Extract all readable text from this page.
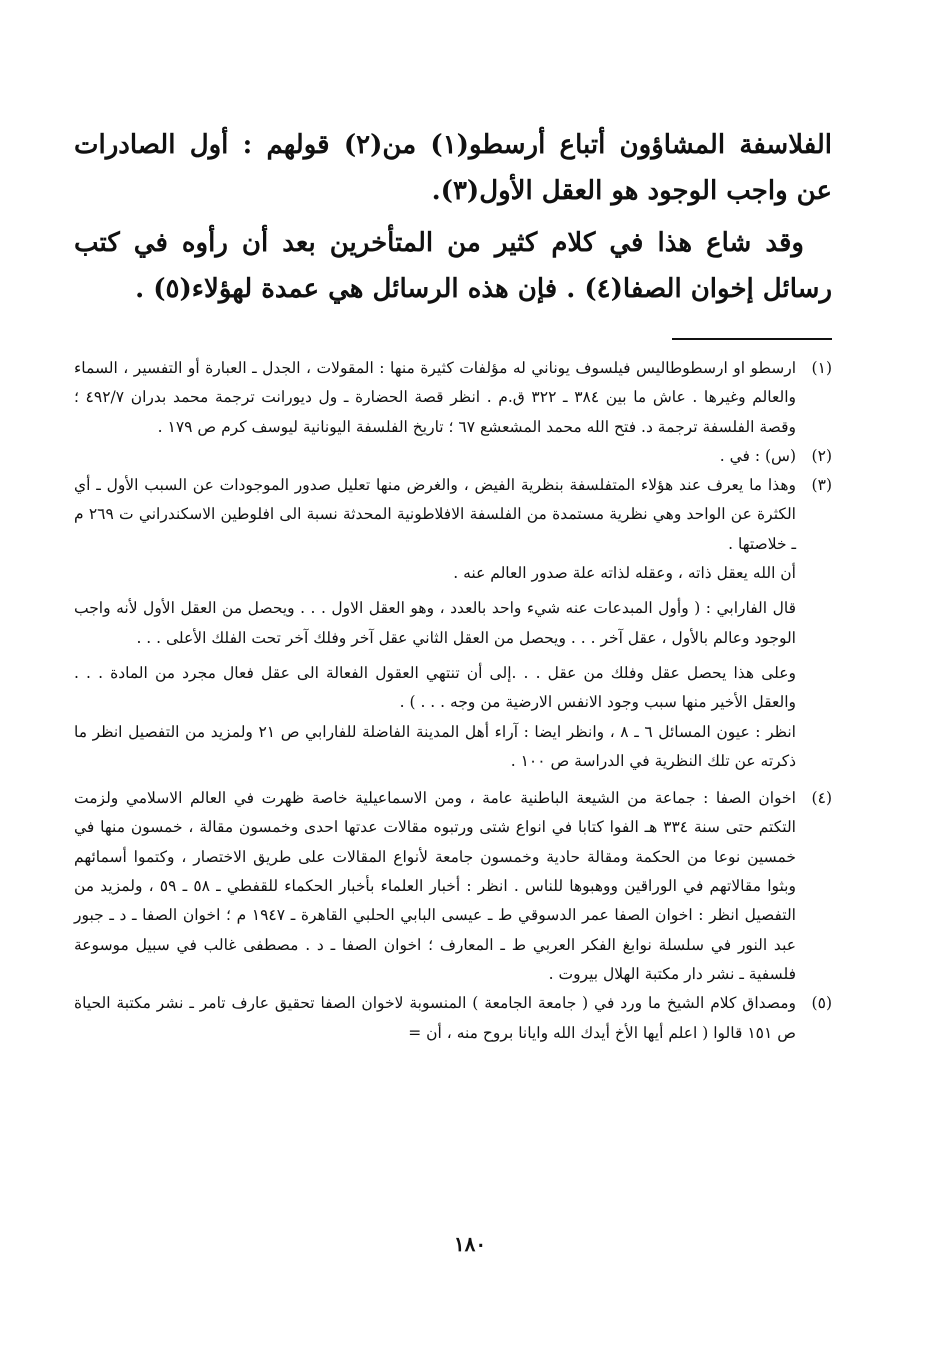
الفلاسفة المشاؤون أتباع أرسطو(١) من(٢) قولهم : أول الصادرات عن واجب الوجود هو العقل الأول(٣).

وقد شاع هذا في كلام كثير من المتأخرين بعد أن رأوه في كتب رسائل إخوان الصفا(٤) . فإن هذه الرسائل هي عمدة لهؤلاء(٥) .

(١)
ارسطو او ارسطوطاليس فيلسوف يوناني له مؤلفات كثيرة منها : المقولات ، الجدل ـ العبارة أو التفسير ، السماء والعالم وغيرها . عاش ما بين ٣٨٤ ـ ٣٢٢ ق.م . انظر قصة الحضارة ـ ول ديورانت ترجمة محمد بدران ٤٩٢/٧ ؛ وقصة الفلسفة ترجمة د. فتح الله محمد المشعشع ٦٧ ؛ تاريخ الفلسفة اليونانية ليوسف كرم ص ١٧٩ .
(٢)
(س) : في .
(٣)
وهذا ما يعرف عند هؤلاء المتفلسفة بنظرية الفيض ، والغرض منها تعليل صدور الموجودات عن السبب الأول ـ أي الكثرة عن الواحد وهي نظرية مستمدة من الفلسفة الافلاطونية المحدثة نسبة الى افلوطين الاسكندراني ت ٢٦٩ م ـ خلاصتها .
أن الله يعقل ذاته ، وعقله لذاته علة صدور العالم عنه .
قال الفارابي : ( وأول المبدعات عنه شيء واحد بالعدد ، وهو العقل الاول . . . ويحصل من العقل الأول لأنه واجب الوجود وعالم بالأول ، عقل آخر . . . ويحصل من العقل الثاني عقل آخر وفلك آخر تحت الفلك الأعلى . . .
وعلى هذا يحصل عقل وفلك من عقل . . .إلى أن تنتهي العقول الفعالة الى عقل فعال مجرد من المادة . . . والعقل الأخير منها سبب وجود الانفس الارضية من وجه . . . ) .
انظر : عيون المسائل ٦ ـ ٨ ، وانظر ايضا : آراء أهل المدينة الفاضلة للفارابي ص ٢١ ولمزيد من التفصيل انظر ما ذكرته عن تلك النظرية في الدراسة ص ١٠٠ .
(٤)
اخوان الصفا : جماعة من الشيعة الباطنية عامة ، ومن الاسماعيلية خاصة ظهرت في العالم الاسلامي ولزمت التكتم حتى سنة ٣٣٤ هـ الفوا كتابا في انواع شتى ورتبوه مقالات عدتها احدى وخمسون مقالة ، خمسون منها في خمسين نوعا من الحكمة ومقالة حادية وخمسون جامعة لأنواع المقالات على طريق الاختصار ، وكتموا أسمائهم وبثوا مقالاتهم في الوراقين ووهبوها للناس . انظر : أخبار العلماء بأخبار الحكماء للقفطي ـ ٥٨ ـ ٥٩ ، ولمزيد من التفصيل انظر : اخوان الصفا عمر الدسوقي ط ـ عيسى البابي الحلبي القاهرة ـ ١٩٤٧ م ؛ اخوان الصفا ـ د ـ جبور عبد النور في سلسلة نوابغ الفكر العربي ط ـ المعارف ؛ اخوان الصفا ـ د . مصطفى غالب في سبيل موسوعة فلسفية ـ نشر دار مكتبة الهلال بيروت .
(٥)
ومصداق كلام الشيخ ما ورد في ( جامعة الجامعة ) المنسوبة لاخوان الصفا تحقيق عارف تامر ـ نشر مكتبة الحياة ص ١٥١ قالوا ( اعلم أيها الأخ أيدك الله وايانا بروح منه ، أن =
١٨٠
